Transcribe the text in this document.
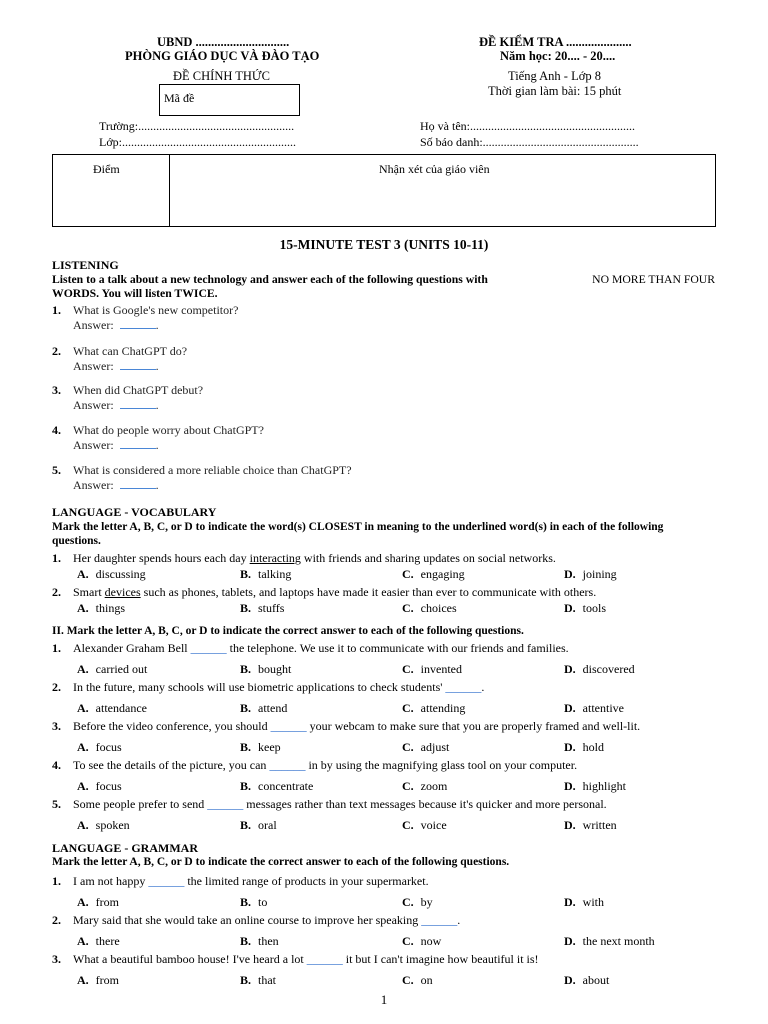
UBND ..............................
PHÒNG GIÁO DỤC VÀ ĐÀO TẠO
ĐỀ CHÍNH THỨC
Mã đề
ĐỀ KIỂM TRA .....................
Năm học: 20.... - 20....
Tiếng Anh - Lớp 8
Thời gian làm bài: 15 phút
Trường:....................................................
Lớp:..........................................................
Họ và tên:.......................................................
Số báo danh:....................................................
Điểm	Nhận xét của giáo viên
15-MINUTE TEST 3 (UNITS 10-11)
LISTENING
Listen to a talk about a new technology and answer each of the following questions with	NO MORE THAN FOUR
WORDS. You will listen TWICE.
1. What is Google's new competitor?
Answer:	.
2. What can ChatGPT do?
Answer:	.
3. When did ChatGPT debut?
Answer:	.
4. What do people worry about ChatGPT?
Answer:	.
5. What is considered a more reliable choice than ChatGPT?
Answer:	.
LANGUAGE - VOCABULARY
Mark the letter A, B, C, or D to indicate the word(s) CLOSEST in meaning to the underlined word(s) in each of the following
questions.
1. Her daughter spends hours each day interacting with friends and sharing updates on social networks.
2. Smart devices such as phones, tablets, and laptops have made it easier than ever to communicate with others.
II. Mark the letter A, B, C, or D to indicate the correct answer to each of the following questions.
LANGUAGE - GRAMMAR
Mark the letter A, B, C, or D to indicate the correct answer to each of the following questions.
A. discussing	B. talking	C. engaging	D. joining
A. things	B. stuffs	C. choices	D. tools
1. Alexander Graham Bell ______ the telephone. We use it to communicate with our friends and families.
A. carried out	B. bought	C. invented	D. discovered
2. In the future, many schools will use biometric applications to check students' ______.
A. attendance	B. attend	C. attending	D. attentive
3. Before the video conference, you should ______ your webcam to make sure that you are properly framed and well-lit.
A. focus	B. keep	C. adjust	D. hold
4. To see the details of the picture, you can ______ in by using the magnifying glass tool on your computer.
A. focus	B. concentrate	C. zoom	D. highlight
5. Some people prefer to send ______ messages rather than text messages because it's quicker and more personal.
A. spoken	B. oral	C. voice	D. written
1. I am not happy ______ the limited range of products in your supermarket.
A. from	B. to	C. by	D. with
2. Mary said that she would take an online course to improve her speaking ______.
A. there	B. then	C. now	D. the next month
3. What a beautiful bamboo house! I've heard a lot ______ it but I can't imagine how beautiful it is!
A. from	B. that	C. on	D. about
1
